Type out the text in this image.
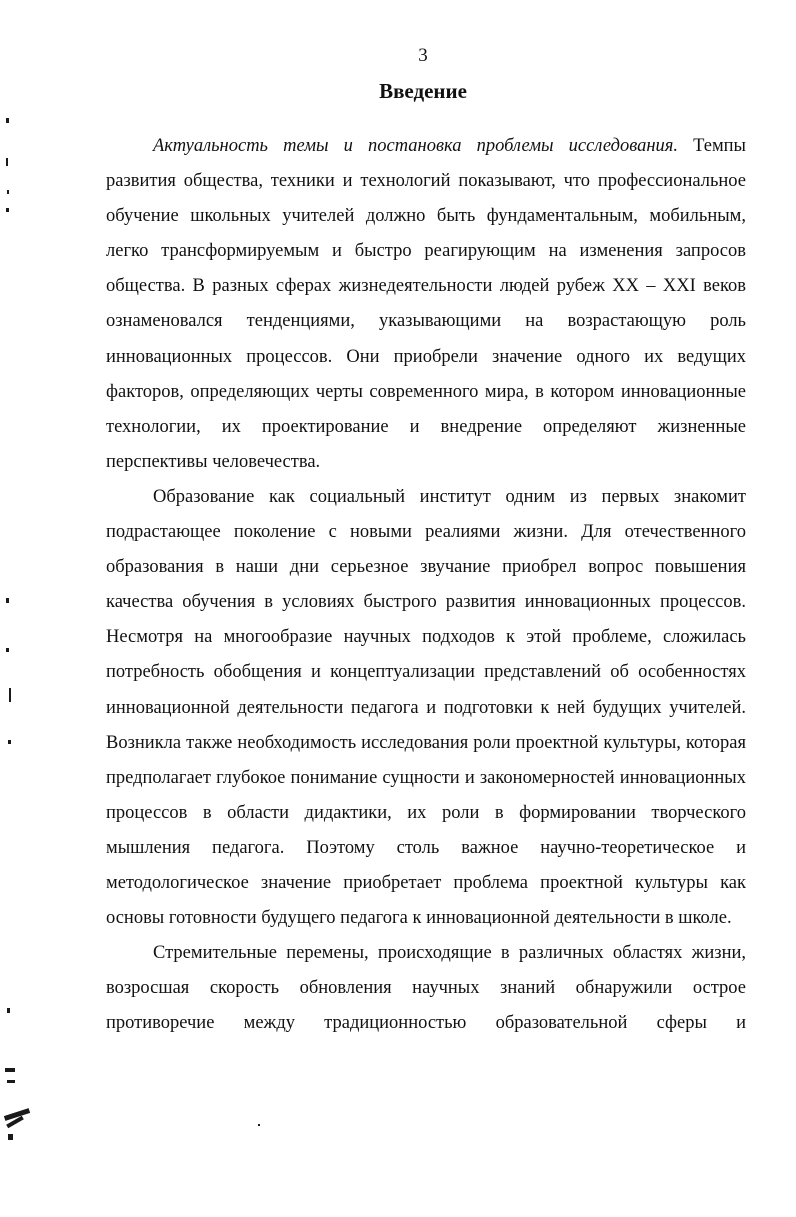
3
Введение

Актуальность темы и постановка проблемы исследования. Темпы развития общества, техники и технологий показывают, что профессиональное обучение школьных учителей должно быть фундаментальным, мобильным, легко трансформируемым и быстро реагирующим на изменения запросов общества. В разных сферах жизнедеятельности людей рубеж XX – XXI веков ознаменовался тенденциями, указывающими на возрастающую роль инновационных процессов. Они приобрели значение одного их ведущих факторов, определяющих черты современного мира, в котором инновационные технологии, их проектирование и внедрение определяют жизненные перспективы человечества.

Образование как социальный институт одним из первых знакомит подрастающее поколение с новыми реалиями жизни. Для отечественного образования в наши дни серьезное звучание приобрел вопрос повышения качества обучения в условиях быстрого развития инновационных процессов. Несмотря на многообразие научных подходов к этой проблеме, сложилась потребность обобщения и концептуализации представлений об особенностях инновационной деятельности педагога и подготовки к ней будущих учителей. Возникла также необходимость исследования роли проектной культуры, которая предполагает глубокое понимание сущности и закономерностей инновационных процессов в области дидактики, их роли в формировании творческого мышления педагога. Поэтому столь важное научно-теоретическое и методологическое значение приобретает проблема проектной культуры как основы готовности будущего педагога к инновационной деятельности в школе.

Стремительные перемены, происходящие в различных областях жизни, возросшая скорость обновления научных знаний обнаружили острое противоречие между традиционностью образовательной сферы и
